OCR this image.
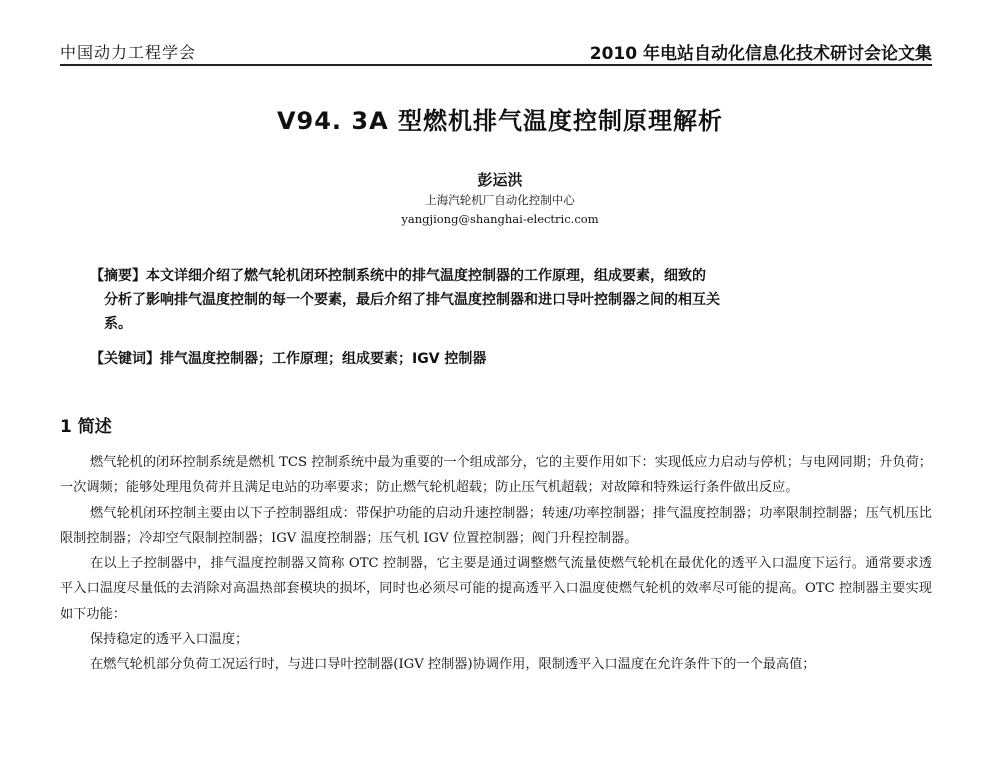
中国动力工程学会	2010 年电站自动化信息化技术研讨会论文集
V94. 3A 型燃机排气温度控制原理解析
彭运洪
上海汽轮机厂自动化控制中心
yangjiong@shanghai-electric.com
【摘要】本文详细介绍了燃气轮机闭环控制系统中的排气温度控制器的工作原理，组成要素，细致的
分析了影响排气温度控制的每一个要素，最后介绍了排气温度控制器和进口导叶控制器之间的相互关
系。
【关键词】排气温度控制器；工作原理；组成要素；IGV 控制器
1 简述

燃气轮机的闭环控制系统是燃机 TCS 控制系统中最为重要的一个组成部分，它的主要作用如下：实现低应力启动与停机；与电网同期；升负荷；一次调频；能够处理甩负荷并且满足电站的功率要求；防止燃气轮机超载；防止压气机超载；对故障和特殊运行条件做出反应。

燃气轮机闭环控制主要由以下子控制器组成：带保护功能的启动升速控制器；转速/功率控制器；排气温度控制器；功率限制控制器；压气机压比限制控制器；冷却空气限制控制器；IGV 温度控制器；压气机 IGV 位置控制器；阀门升程控制器。

在以上子控制器中，排气温度控制器又简称 OTC 控制器，它主要是通过调整燃气流量使燃气轮机在最优化的透平入口温度下运行。通常要求透平入口温度尽量低的去消除对高温热部套模块的损坏，同时也必须尽可能的提高透平入口温度使燃气轮机的效率尽可能的提高。OTC 控制器主要实现如下功能：

保持稳定的透平入口温度；

在燃气轮机部分负荷工况运行时，与进口导叶控制器(IGV 控制器)协调作用，限制透平入口温度在允许条件下的一个最高值；
